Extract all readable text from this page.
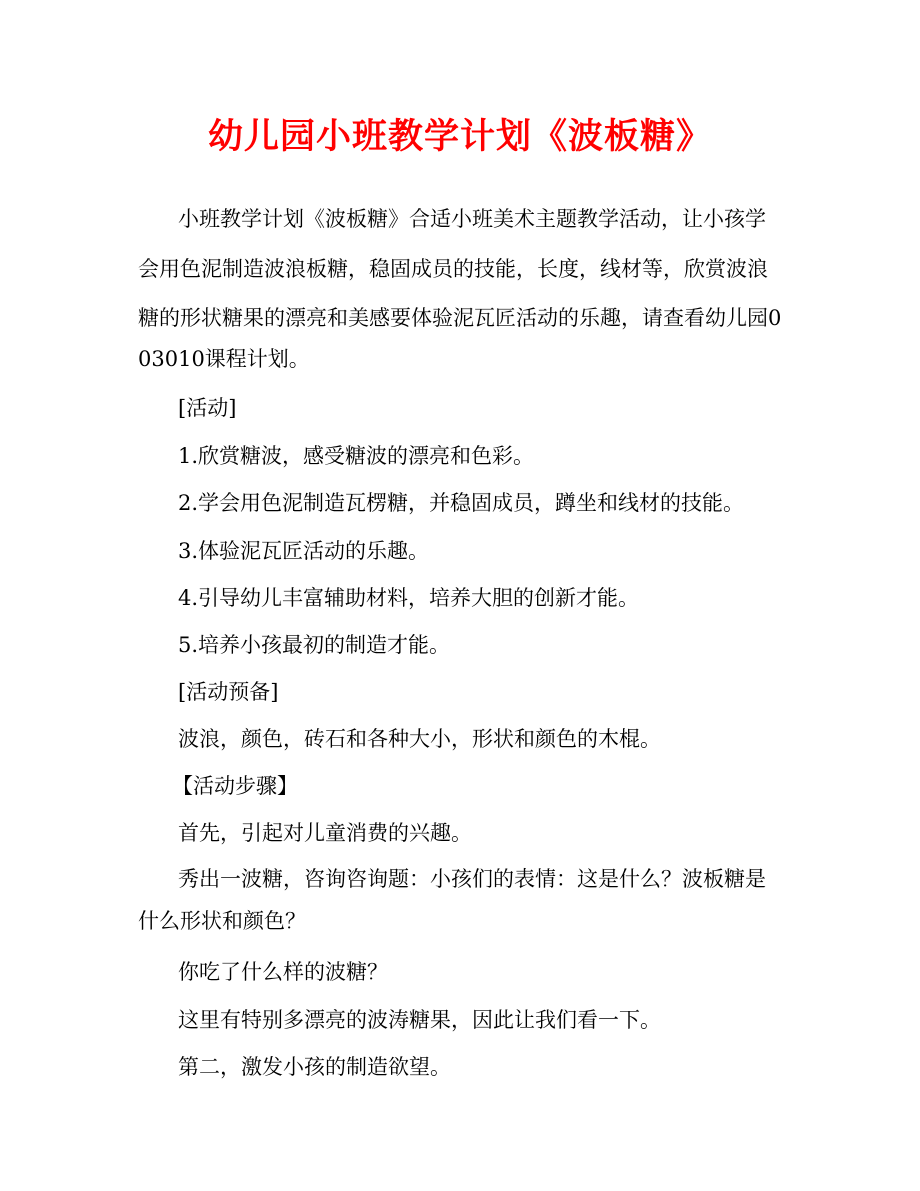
幼儿园小班教学计划《波板糖》

小班教学计划《波板糖》合适小班美术主题教学活动，让小孩学

会用色泥制造波浪板糖，稳固成员的技能，长度，线材等，欣赏波浪

糖的形状糖果的漂亮和美感要体验泥瓦匠活动的乐趣，请查看幼儿园0

03010课程计划。

[活动]

1.欣赏糖波，感受糖波的漂亮和色彩。

2.学会用色泥制造瓦楞糖，并稳固成员，蹲坐和线材的技能。

3.体验泥瓦匠活动的乐趣。

4.引导幼儿丰富辅助材料，培养大胆的创新才能。

5.培养小孩最初的制造才能。

[活动预备]

波浪，颜色，砖石和各种大小，形状和颜色的木棍。

【活动步骤】

首先，引起对儿童消费的兴趣。

秀出一波糖，咨询咨询题：小孩们的表情：这是什么？波板糖是

什么形状和颜色？

你吃了什么样的波糖？

这里有特别多漂亮的波涛糖果，因此让我们看一下。

第二，激发小孩的制造欲望。
